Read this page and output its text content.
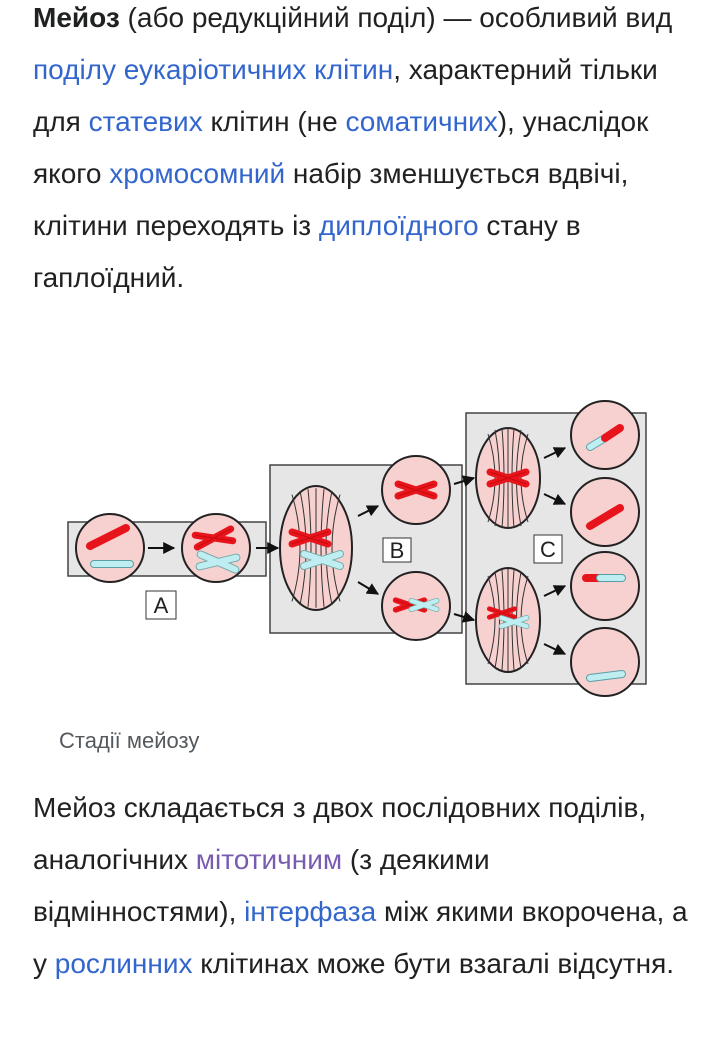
Мейоз (або редукційний поділ) — особливий вид поділу еукаріотичних клітин, характерний тільки для статевих клітин (не соматичних), унаслідок якого хромосомний набір зменшується вдвічі, клітини переходять із диплоїдного стану в гаплоїдний.

B	C
A

Стадії мейозу

Мейоз складається з двох послідовних поділів, аналогічних мітотичним (з деякими відмінностями), інтерфаза між якими вкорочена, а у рослинних клітинах може бути взагалі відсутня.
